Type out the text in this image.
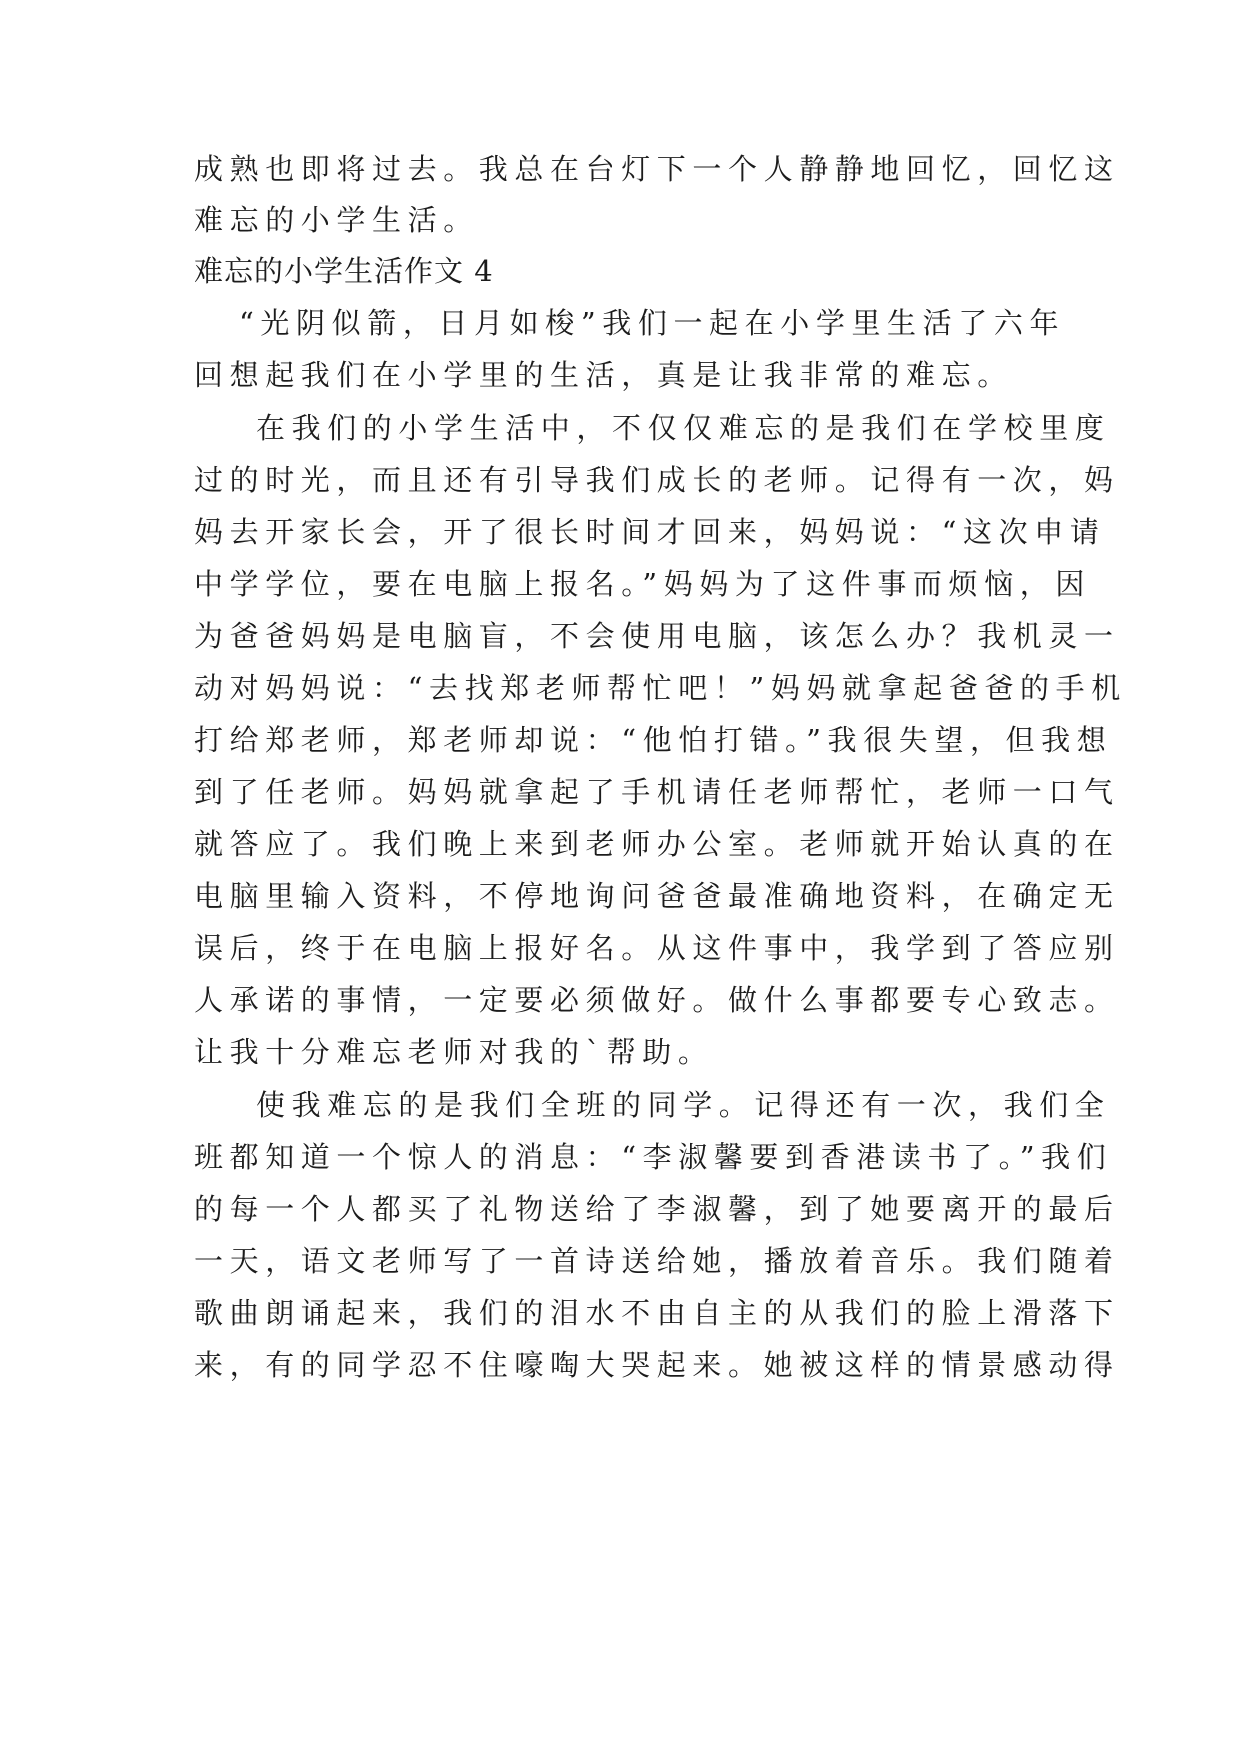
成熟也即将过去。我总在台灯下一个人静静地回忆，回忆这

难忘的小学生活。

难忘的小学生活作文 4

“光阴似箭，日月如梭”我们一起在小学里生活了六年

回想起我们在小学里的生活，真是让我非常的难忘。

在我们的小学生活中，不仅仅难忘的是我们在学校里度

过的时光，而且还有引导我们成长的老师。记得有一次，妈

妈去开家长会，开了很长时间才回来，妈妈说：“这次申请

中学学位，要在电脑上报名。”妈妈为了这件事而烦恼，因

为爸爸妈妈是电脑盲，不会使用电脑，该怎么办？我机灵一

动对妈妈说：“去找郑老师帮忙吧！”妈妈就拿起爸爸的手机

打给郑老师，郑老师却说：“他怕打错。”我很失望，但我想

到了任老师。妈妈就拿起了手机请任老师帮忙，老师一口气

就答应了。我们晚上来到老师办公室。老师就开始认真的在

电脑里输入资料，不停地询问爸爸最准确地资料，在确定无

误后，终于在电脑上报好名。从这件事中，我学到了答应别

人承诺的事情，一定要必须做好。做什么事都要专心致志。

让我十分难忘老师对我的`帮助。

使我难忘的是我们全班的同学。记得还有一次，我们全

班都知道一个惊人的消息：“李淑馨要到香港读书了。”我们

的每一个人都买了礼物送给了李淑馨，到了她要离开的最后

一天，语文老师写了一首诗送给她，播放着音乐。我们随着

歌曲朗诵起来，我们的泪水不由自主的从我们的脸上滑落下

来，有的同学忍不住嚎啕大哭起来。她被这样的情景感动得
